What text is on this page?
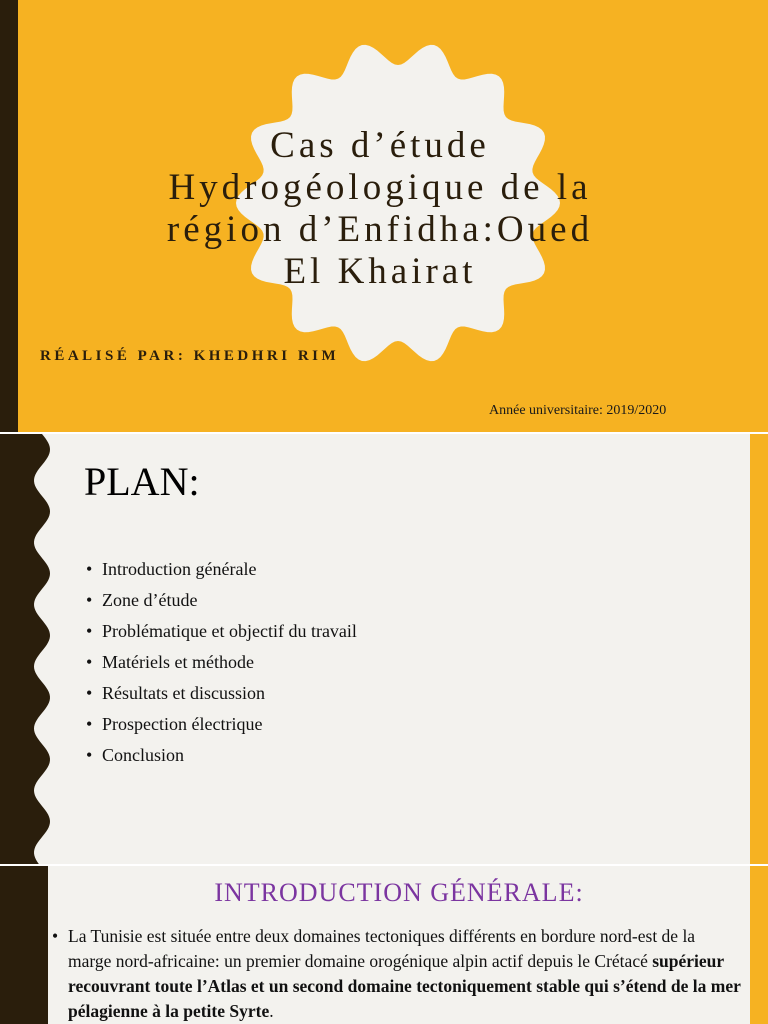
Cas d’étude
Hydrogéologique de la
région d’Enfidha:Oued
El Khairat
RÉALISÉ PAR: KHEDHRI RIM
Année universitaire: 2019/2020
PLAN:
• Introduction générale
• Zone d’étude
• Problématique et objectif du travail
• Matériels et méthode
• Résultats et discussion
• Prospection électrique
• Conclusion
INTRODUCTION GÉNÉRALE:
• La Tunisie est située entre deux domaines tectoniques différents en bordure nord-est de la marge nord-africaine: un premier domaine orogénique alpin actif depuis le Crétacé supérieur recouvrant toute l’Atlas et un second domaine tectoniquement stable qui s’étend de la mer pélagienne à la petite Syrte.
